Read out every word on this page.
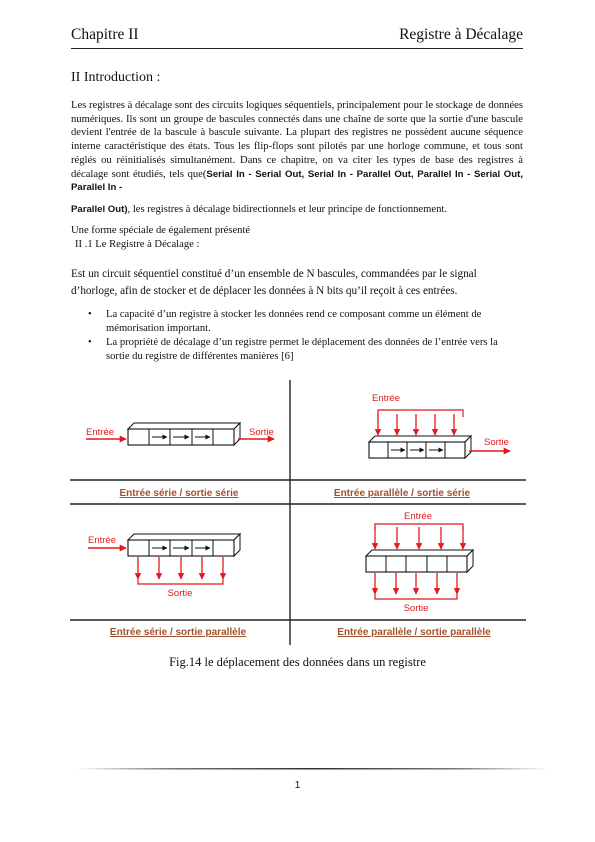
Chapitre II	Registre à Décalage
II Introduction :

Les registres à décalage sont des circuits logiques séquentiels, principalement pour le stockage de données numériques. Ils sont un groupe de bascules connectés dans une chaîne de sorte que la sortie d'une bascule devient l'entrée de la bascule à bascule suivante. La plupart des registres ne possèdent aucune séquence interne caractéristique des états. Tous les flip-flops sont pilotés par une horloge commune, et tous sont réglés ou réinitialisés simultanément. Dans ce chapitre, on va citer les types de base des registres à décalage sont étudiés, tels que(Serial In - Serial Out, Serial In - Parallel Out, Parallel In - Serial Out, Parallel In -
Parallel Out), les registres à décalage bidirectionnels et leur principe de fonctionnement.

Une forme spéciale de également présenté
II .1 Le Registre à Décalage :

Est un circuit séquentiel constitué d’un ensemble de N bascules, commandées par le signal d’horloge, afin de stocker et de déplacer les données à N bits qu’il reçoit à ces entrées.

• La capacité d’un registre à stocker les données rend ce composant comme un élément de mémorisation important.
• La propriété de décalage d’un registre permet le déplacement des données de l’entrée vers la sortie du registre de différentes manières [6]
Entrée	Sortie
Entrée série / sortie série
Entrée
Sortie
Entrée parallèle / sortie série
Entrée
Sortie
Entrée série / sortie parallèle
Entrée
Sortie
Entrée parallèle / sortie parallèle
Fig.14 le déplacement des données dans un registre
1
